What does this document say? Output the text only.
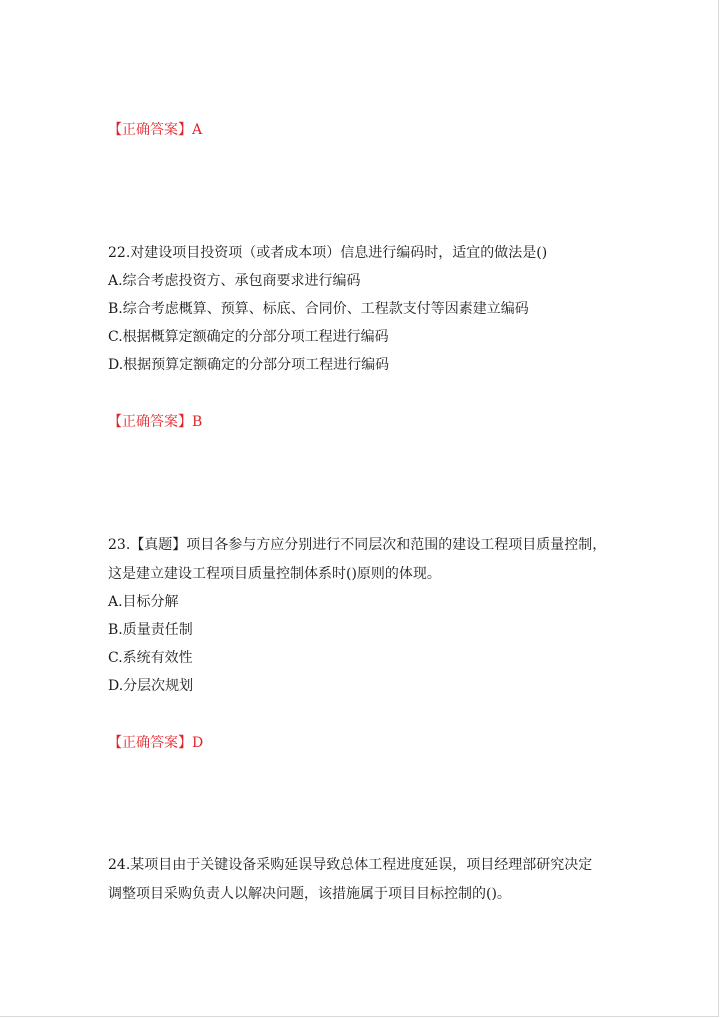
【正确答案】A
22.对建设项目投资项（或者成本项）信息进行编码时，适宜的做法是()
A.综合考虑投资方、承包商要求进行编码
B.综合考虑概算、预算、标底、合同价、工程款支付等因素建立编码
C.根据概算定额确定的分部分项工程进行编码
D.根据预算定额确定的分部分项工程进行编码
【正确答案】B
23.【真题】项目各参与方应分别进行不同层次和范围的建设工程项目质量控制，
这是建立建设工程项目质量控制体系时()原则的体现。
A.目标分解
B.质量责任制
C.系统有效性
D.分层次规划
【正确答案】D
24.某项目由于关键设备采购延误导致总体工程进度延误，项目经理部研究决定
调整项目采购负责人以解决问题，该措施属于项目目标控制的()。
